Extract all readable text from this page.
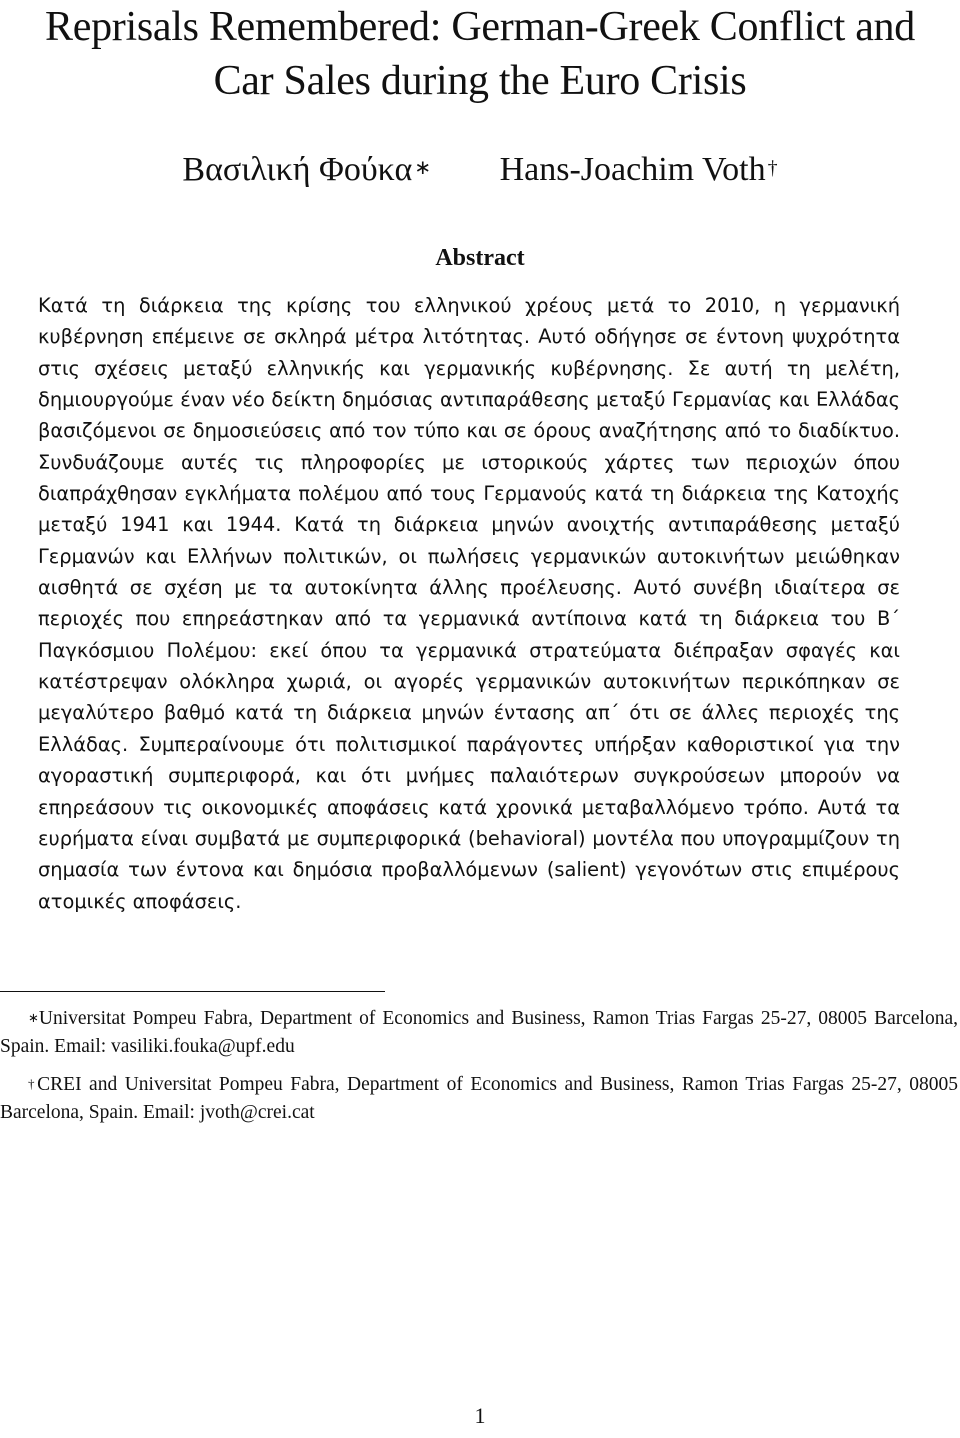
Reprisals Remembered: German-Greek Conflict and
Car Sales during the Euro Crisis
Βασιλική Φούκα ∗ Hans-Joachim Voth †
Abstract

Κατά τη διάρκεια της κρίσης του ελληνικού χρέους μετά το 2010, η γερμανική κυβέρνηση επέμεινε σε σκληρά μέτρα λιτότητας. Αυτό οδήγησε σε έντονη ψυχρότητα στις σχέσεις μεταξύ ελληνικής και γερμανικής κυβέρνησης. Σε αυτή τη μελέτη, δημιουργούμε έναν νέο δείκτη δημόσιας αντιπαράθεσης μεταξύ Γερμανίας και Ελλάδας βασιζόμενοι σε δημοσιεύσεις από τον τύπο και σε όρους αναζήτησης από το διαδίκτυο. Συνδυάζουμε αυτές τις πληροφορίες με ιστορικούς χάρτες των περιοχών όπου διαπράχθησαν εγκλήματα πολέμου από τους Γερμανούς κατά τη διάρκεια της Κατοχής μεταξύ 1941 και 1944. Κατά τη διάρκεια μηνών ανοιχτής αντιπαράθεσης μεταξύ Γερμανών και Ελλήνων πολιτικών, οι πωλήσεις γερμανικών αυτοκινήτων μειώθηκαν αισθητά σε σχέση με τα αυτοκίνητα άλλης προέλευσης. Αυτό συνέβη ιδιαίτερα σε περιοχές που επηρεάστηκαν από τα γερμανικά αντίποινα κατά τη διάρκεια του Β΄ Παγκόσμιου Πολέμου: εκεί όπου τα γερμανικά στρατεύματα διέπραξαν σφαγές και κατέστρεψαν ολόκληρα χωριά, οι αγορές γερμανικών αυτοκινήτων περικόπηκαν σε μεγαλύτερο βαθμό κατά τη διάρκεια μηνών έντασης απ΄ ότι σε άλλες περιοχές της Ελλάδας. Συμπεραίνουμε ότι πολιτισμικοί παράγοντες υπήρξαν καθοριστικοί για την αγοραστική συμπεριφορά, και ότι μνήμες παλαιότερων συγκρούσεων μπορούν να επηρεάσουν τις οικονομικές αποφάσεις κατά χρονικά μεταβαλλόμενο τρόπο. Αυτά τα ευρήματα είναι συμβατά με συμπεριφορικά (behavioral) μοντέλα που υπογραμμίζουν τη σημασία των έντονα και δημόσια προβαλλόμενων (salient) γεγονότων στις επιμέρους ατομικές αποφάσεις.

∗Universitat Pompeu Fabra, Department of Economics and Business, Ramon Trias Fargas 25-27, 08005 Barcelona, Spain. Email: vasiliki.fouka@upf.edu

†CREI and Universitat Pompeu Fabra, Department of Economics and Business, Ramon Trias Fargas 25-27, 08005 Barcelona, Spain. Email: jvoth@crei.cat

1
